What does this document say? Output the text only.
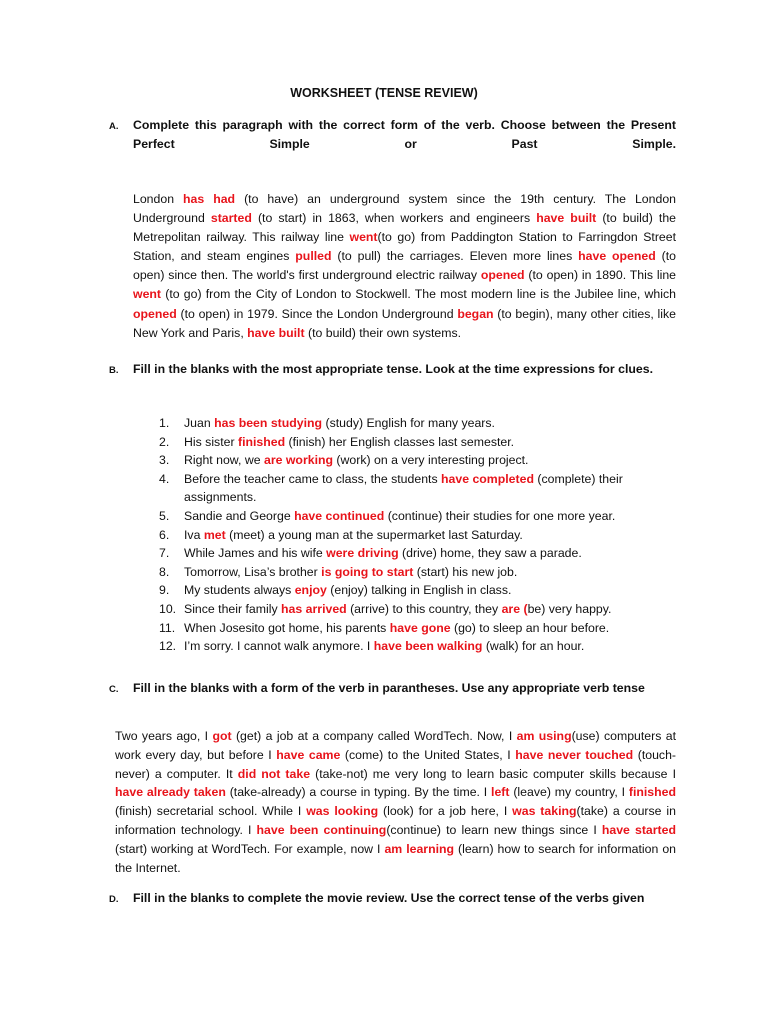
WORKSHEET (TENSE REVIEW)
A. Complete this paragraph with the correct form of the verb. Choose between the Present Perfect Simple or Past Simple.
London has had (to have) an underground system since the 19th century. The London Underground started (to start) in 1863, when workers and engineers have built (to build) the Metrepolitan railway. This railway line went(to go) from Paddington Station to Farringdon Street Station, and steam engines pulled (to pull) the carriages. Eleven more lines have opened (to open) since then. The world's first underground electric railway opened (to open) in 1890. This line went (to go) from the City of London to Stockwell. The most modern line is the Jubilee line, which opened (to open) in 1979. Since the London Underground began (to begin), many other cities, like New York and Paris, have built (to build) their own systems.
B. Fill in the blanks with the most appropriate tense. Look at the time expressions for clues.
1. Juan has been studying (study) English for many years.
2. His sister finished (finish) her English classes last semester.
3. Right now, we are working (work) on a very interesting project.
4. Before the teacher came to class, the students have completed (complete) their assignments.
5. Sandie and George have continued (continue) their studies for one more year.
6. Iva met (meet) a young man at the supermarket last Saturday.
7. While James and his wife were driving (drive) home, they saw a parade.
8. Tomorrow, Lisa’s brother is going to start (start) his new job.
9. My students always enjoy (enjoy) talking in English in class.
10. Since their family has arrived (arrive) to this country, they are (be) very happy.
11. When Josesito got home, his parents have gone (go) to sleep an hour before.
12. I’m sorry. I cannot walk anymore. I have been walking (walk) for an hour.
C. Fill in the blanks with a form of the verb in parantheses. Use any appropriate verb tense
Two years ago, I got (get) a job at a company called WordTech. Now, I am using(use) computers at work every day, but before I have came (come) to the United States, I have never touched (touch-never) a computer. It did not take (take-not) me very long to learn basic computer skills because I have already taken (take-already) a course in typing. By the time. I left (leave) my country, I finished (finish) secretarial school. While I was looking (look) for a job here, I was taking(take) a course in information technology. I have been continuing(continue) to learn new things since I have started (start) working at WordTech. For example, now I am learning (learn) how to search for information on the Internet.
D. Fill in the blanks to complete the movie review. Use the correct tense of the verbs given
